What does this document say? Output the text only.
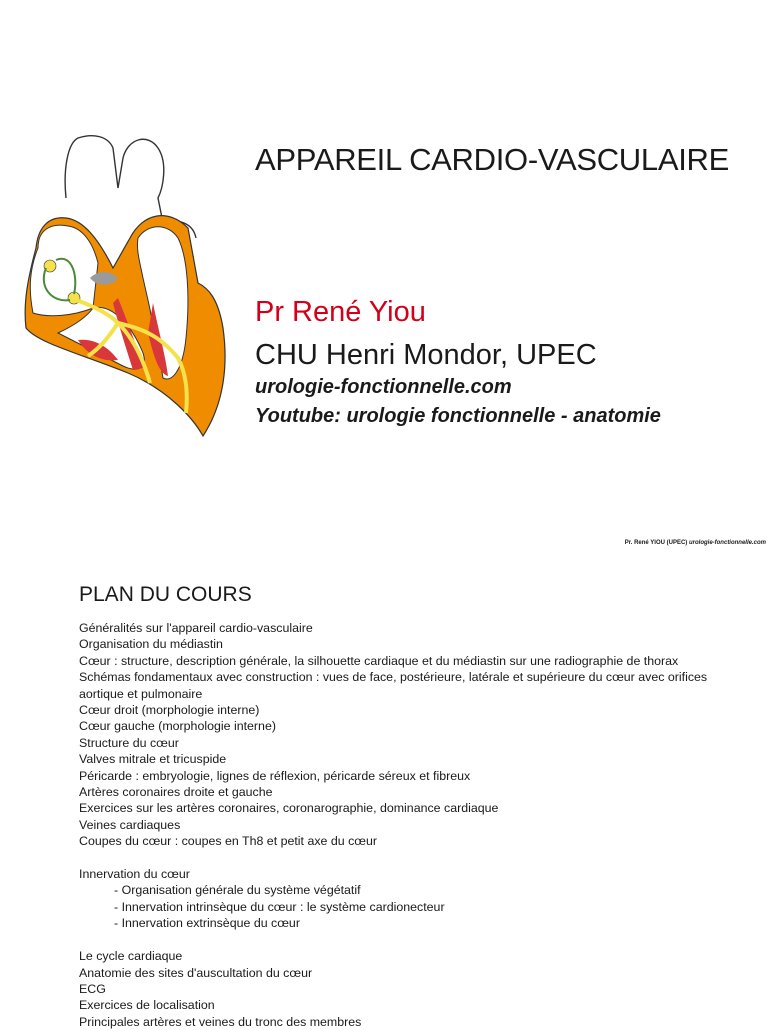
APPAREIL CARDIO-VASCULAIRE
Pr René Yiou
CHU Henri Mondor, UPEC
urologie-fonctionnelle.com
Youtube: urologie fonctionnelle - anatomie
Pr. René YIOU (UPEC) urologie-fonctionnelle.com
PLAN DU COURS
Généralités sur l'appareil cardio-vasculaire
Organisation du médiastin
Cœur : structure, description générale, la silhouette cardiaque et du médiastin sur une radiographie de thorax
Schémas fondamentaux avec construction : vues de face, postérieure, latérale et supérieure du cœur avec orifices aortique et pulmonaire
Cœur droit (morphologie interne)
Cœur gauche (morphologie interne)
Structure du cœur
Valves mitrale et tricuspide
Péricarde : embryologie, lignes de réflexion, péricarde séreux et fibreux
Artères coronaires droite et gauche
Exercices sur les artères coronaires, coronarographie, dominance cardiaque
Veines cardiaques
Coupes du cœur : coupes en Th8 et petit axe du cœur
Innervation du cœur
- Organisation générale du système végétatif
- Innervation intrinsèque du cœur : le système cardionecteur
- Innervation extrinsèque du cœur
Le cycle cardiaque
Anatomie des sites d'auscultation du cœur
ECG
Exercices de localisation
Principales artères et veines du tronc des membres
